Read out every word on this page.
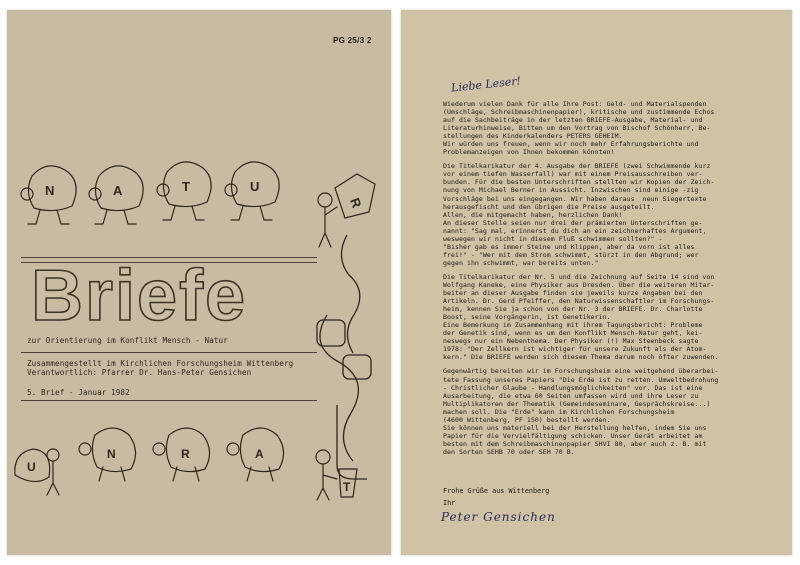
PG 25/3 2
N	A	T	U
R
Briefe
zur Orientierung im Konflikt Mensch - Natur
Zusammengestellt im Kirchlichen Forschungsheim Wittenberg
Verantwortlich: Pfarrer Dr. Hans-Peter Gensichen
5. Brief - Januar 1982
U
N	R	A
T
Liebe Leser!

Wiederum vielen Dank für alle Ihre Post: Geld- und Materialspenden
(Umschläge, Schreibmaschinenpapier), kritische und zustimmende Echos
auf die Sachbeiträge in der letzten BRIEFE-Ausgabe, Material- und
Literaturhinweise, Bitten um den Vortrag von Bischof Schönherr, Be-
stellungen des Kinderkalenders PETERS GEHEIM.
Wir würden uns freuen, wenn wir noch mehr Erfahrungsberichte und
Problemanzeigen von Ihnen bekommen könnten!

Die Titelkarikatur der 4. Ausgabe der BRIEFE (zwei Schwimmende kurz
vor einem tiefen Wasserfall) war mit einem Preisausschreiben ver-
bunden. Für die besten Unterschriften stellten wir Kopien der Zeich-
nung von Michael Berner in Aussicht. Inzwischen sind einige -zig
Vorschläge bei uns eingegangen. Wir haben daraus  neun Siegertexte
herausgefischt und den übrigen die Preise ausgeteilt.
Allen, die mitgemacht haben, herzlichen Dank!
An dieser Stelle seien nur drei der prämierten Unterschriften ge-
nannt: "Sag mal, erinnerst du dich an ein zeichnerhaftes Argument,
weswegen wir nicht in diesem Fluß schwimmen sollten?" -
"Bisher gab es immer Steine und Klippen, aber da vorn ist alles
frei!" - "Wer mit dem Strom schwimmt, stürzt in den Abgrund; wer
gegen ihn schwimmt, war bereits unten."

Die Titelkarikatur der Nr. 5 und die Zeichnung auf Seite 14 sind von
Wolfgang Kaneke, eine Physiker aus Dresden. Über die weiteren Mitar-
beiter an dieser Ausgabe finden sie jeweils kurze Angaben bei den
Artikeln. Dr. Gerd Pfeiffer, den Naturwissenschaftler im Forschungs-
heim, kennen Sie ja schon von der Nr. 3 der BRIEFE. Dr. Charlotte
Boost, seine Vorgängerin, ist Genetikerin.
Eine Bemerkung im Zusammenhang mit ihrem Tagungsbericht: Probleme
der Genetik sind, wenn es um den Konflikt Mensch-Natur geht, kei-
neswegs nur ein Nebenthema. Der Physiker (!) Max Steenbeck sagte
1978: "Der Zellkern ist wichtiger für unsere Zukunft als der Atom-
kern." Die BRIEFE werden sich diesem Thema darum noch öfter zuwenden.

Gegenwärtig bereiten wir im Forschungsheim eine weitgehend überarbei-
tete Fassung unseres Papiers "Die Erde ist zu retten. Umweltbedrohung
- Christlicher Glaube - Handlungsmöglichkeiten" vor. Das ist eine
Ausarbeitung, die etwa 60 Seiten umfassen wird und ihre Leser zu
Multiplikatoren der Thematik (Gemeindeseminare, Gesprächskreise...)
machen soll. Die "Erde" kann im Kirchlichen Forschungsheim
(4600 Wittenberg, PF 150) bestellt werden.
Sie können uns materiell bei der Herstellung helfen, indem Sie uns
Papier für die Vervielfältigung schicken. Unser Gerät arbeitet am
besten mit dem Schreibmaschinenpapier SHVI 80, aber auch z. B. mit
den Sorten SEHB 70 oder SEH 70 B.

Frohe Grüße aus Wittenberg
Ihr
Peter Gensichen
